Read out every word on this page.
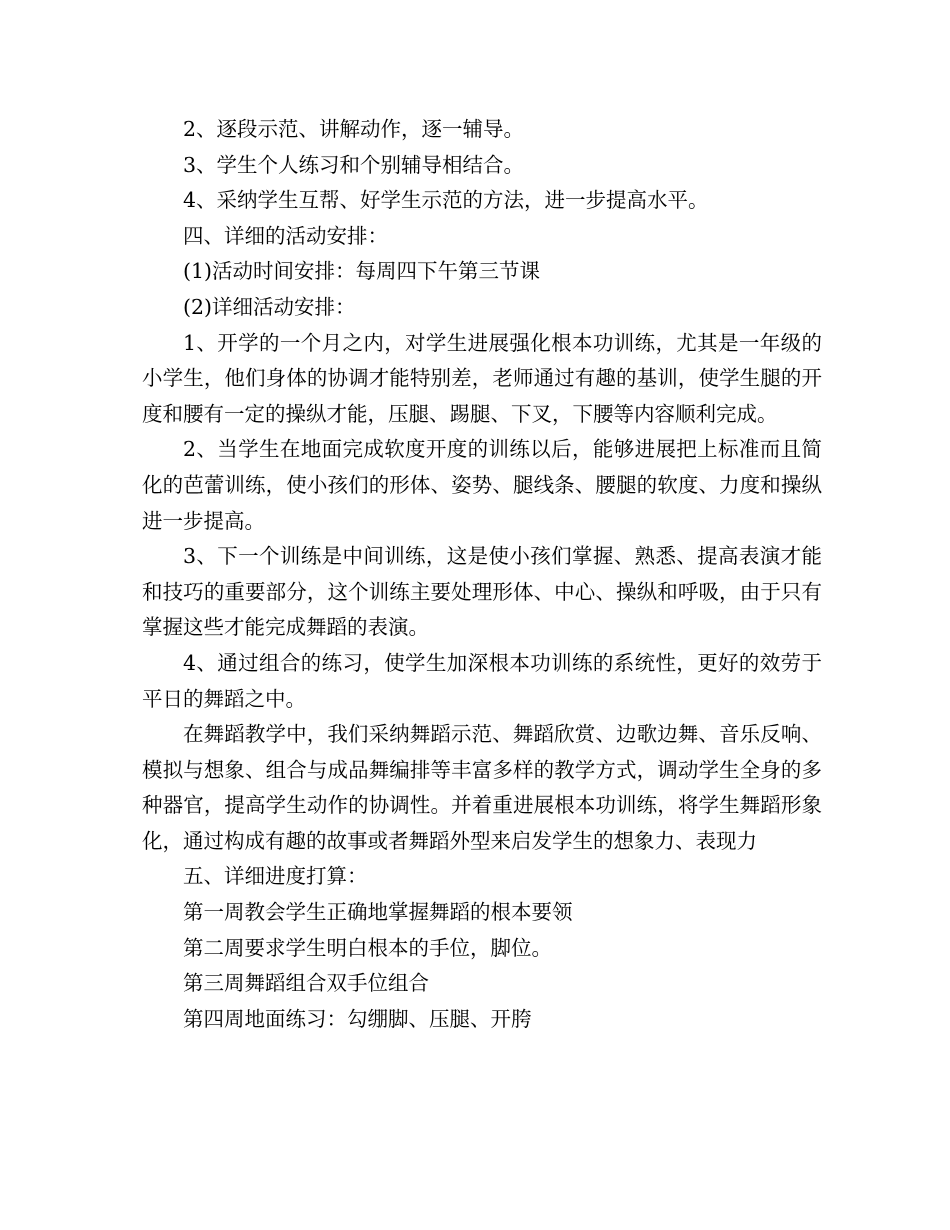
2、逐段示范、讲解动作，逐一辅导。
3、学生个人练习和个别辅导相结合。
4、采纳学生互帮、好学生示范的方法，进一步提高水平。
四、详细的活动安排：
(1)活动时间安排：每周四下午第三节课
(2)详细活动安排：
1、开学的一个月之内，对学生进展强化根本功训练，尤其是一年级的小学生，他们身体的协调才能特别差，老师通过有趣的基训，使学生腿的开度和腰有一定的操纵才能，压腿、踢腿、下叉，下腰等内容顺利完成。
2、当学生在地面完成软度开度的训练以后，能够进展把上标准而且简化的芭蕾训练，使小孩们的形体、姿势、腿线条、腰腿的软度、力度和操纵进一步提高。
3、下一个训练是中间训练，这是使小孩们掌握、熟悉、提高表演才能和技巧的重要部分，这个训练主要处理形体、中心、操纵和呼吸，由于只有掌握这些才能完成舞蹈的表演。
4、通过组合的练习，使学生加深根本功训练的系统性，更好的效劳于平日的舞蹈之中。
在舞蹈教学中，我们采纳舞蹈示范、舞蹈欣赏、边歌边舞、音乐反响、模拟与想象、组合与成品舞编排等丰富多样的教学方式，调动学生全身的多种器官，提高学生动作的协调性。并着重进展根本功训练，将学生舞蹈形象化，通过构成有趣的故事或者舞蹈外型来启发学生的想象力、表现力
五、详细进度打算：
第一周教会学生正确地掌握舞蹈的根本要领
第二周要求学生明白根本的手位，脚位。
第三周舞蹈组合双手位组合
第四周地面练习：勾绷脚、压腿、开胯
